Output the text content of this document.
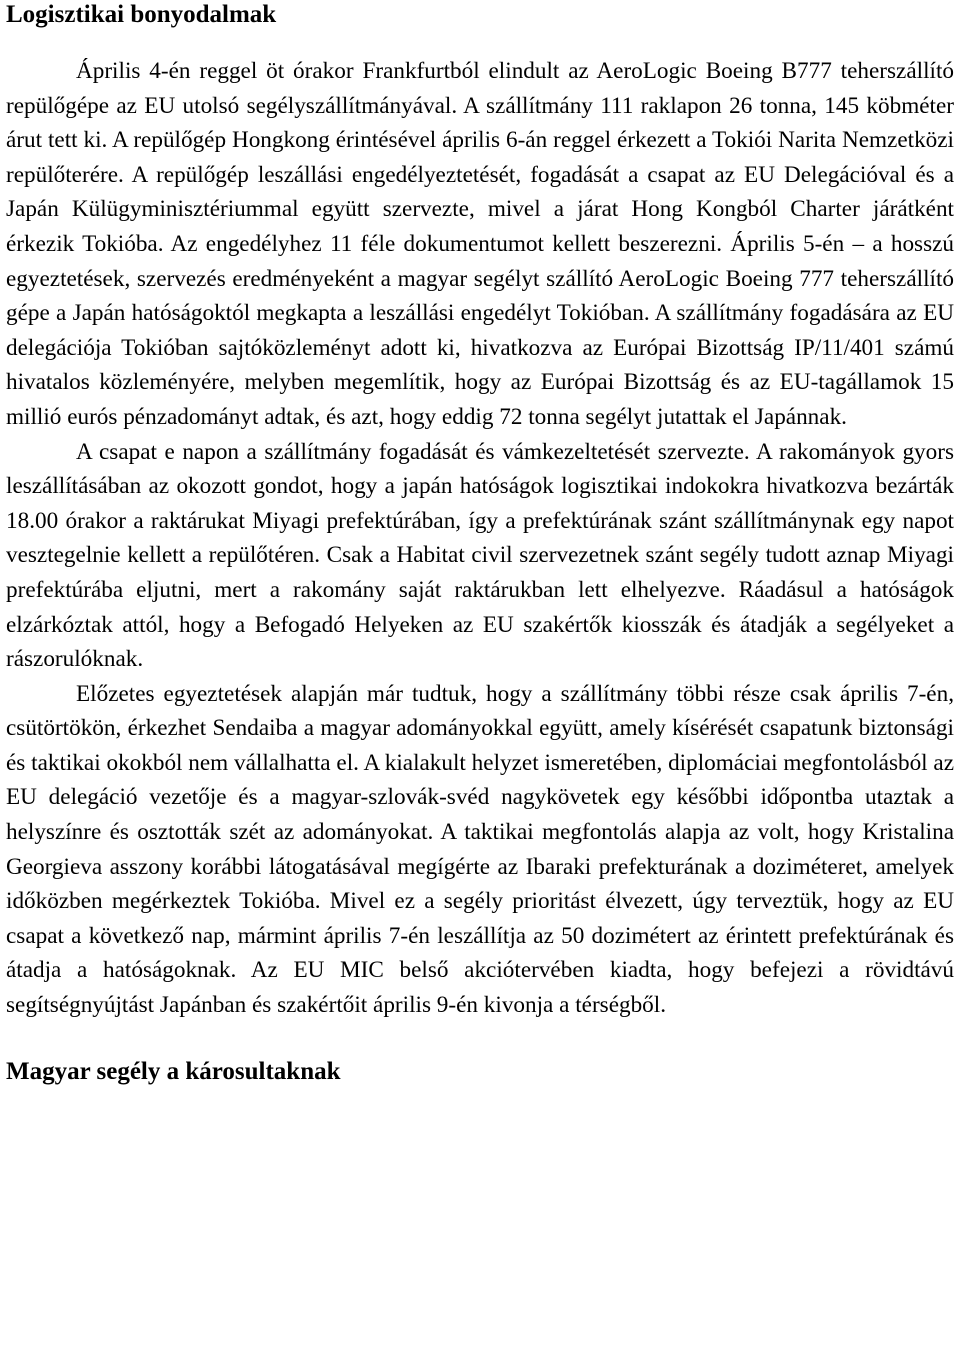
Logisztikai bonyodalmak

Április 4-én reggel öt órakor Frankfurtból elindult az AeroLogic Boeing B777 teherszállító repülőgépe az EU utolsó segélyszállítmányával. A szállítmány 111 raklapon 26 tonna, 145 köbméter árut tett ki. A repülőgép Hongkong érintésével április 6-án reggel érkezett a Tokiói Narita Nemzetközi repülőterére. A repülőgép leszállási engedélyeztetését, fogadását a csapat az EU Delegációval és a Japán Külügyminisztériummal együtt szervezte, mivel a járat Hong Kongból Charter járátként érkezik Tokióba. Az engedélyhez 11 féle dokumentumot kellett beszerezni. Április 5-én – a hosszú egyeztetések, szervezés eredményeként a magyar segélyt szállító AeroLogic Boeing 777 teherszállító gépe a Japán hatóságoktól megkapta a leszállási engedélyt Tokióban. A szállítmány fogadására az EU delegációja Tokióban sajtóközleményt adott ki, hivatkozva az Európai Bizottság IP/11/401 számú hivatalos közleményére, melyben megemlítik, hogy az Európai Bizottság és az EU-tagállamok 15 millió eurós pénzadományt adtak, és azt, hogy eddig 72 tonna segélyt jutattak el Japánnak.

A csapat e napon a szállítmány fogadását és vámkezeltetését szervezte. A rakományok gyors leszállításában az okozott gondot, hogy a japán hatóságok logisztikai indokokra hivatkozva bezárták 18.00 órakor a raktárukat Miyagi prefektúrában, így a prefektúrának szánt szállítmánynak egy napot vesztegelnie kellett a repülőtéren. Csak a Habitat civil szervezetnek szánt segély tudott aznap Miyagi prefektúrába eljutni, mert a rakomány saját raktárukban lett elhelyezve. Ráadásul a hatóságok elzárkóztak attól, hogy a Befogadó Helyeken az EU szakértők kiosszák és átadják a segélyeket a rászorulóknak.

Előzetes egyeztetések alapján már tudtuk, hogy a szállítmány többi része csak április 7-én, csütörtökön, érkezhet Sendaiba a magyar adományokkal együtt, amely kísérését csapatunk biztonsági és taktikai okokból nem vállalhatta el. A kialakult helyzet ismeretében, diplomáciai megfontolásból az EU delegáció vezetője és a magyar-szlovák-svéd nagykövetek egy későbbi időpontba utaztak a helyszínre és osztották szét az adományokat. A taktikai megfontolás alapja az volt, hogy Kristalina Georgieva asszony korábbi látogatásával megígérte az Ibaraki prefekturának a doziméteret, amelyek időközben megérkeztek Tokióba. Mivel ez a segély prioritást élvezett, úgy terveztük, hogy az EU csapat a következő nap, mármint április 7-én leszállítja az 50 dozimétert az érintett prefektúrának és átadja a hatóságoknak. Az EU MIC belső akciótervében kiadta, hogy befejezi a rövidtávú segítségnyújtást Japánban és szakértőit április 9-én kivonja a térségből.

Magyar segély a károsultaknak
